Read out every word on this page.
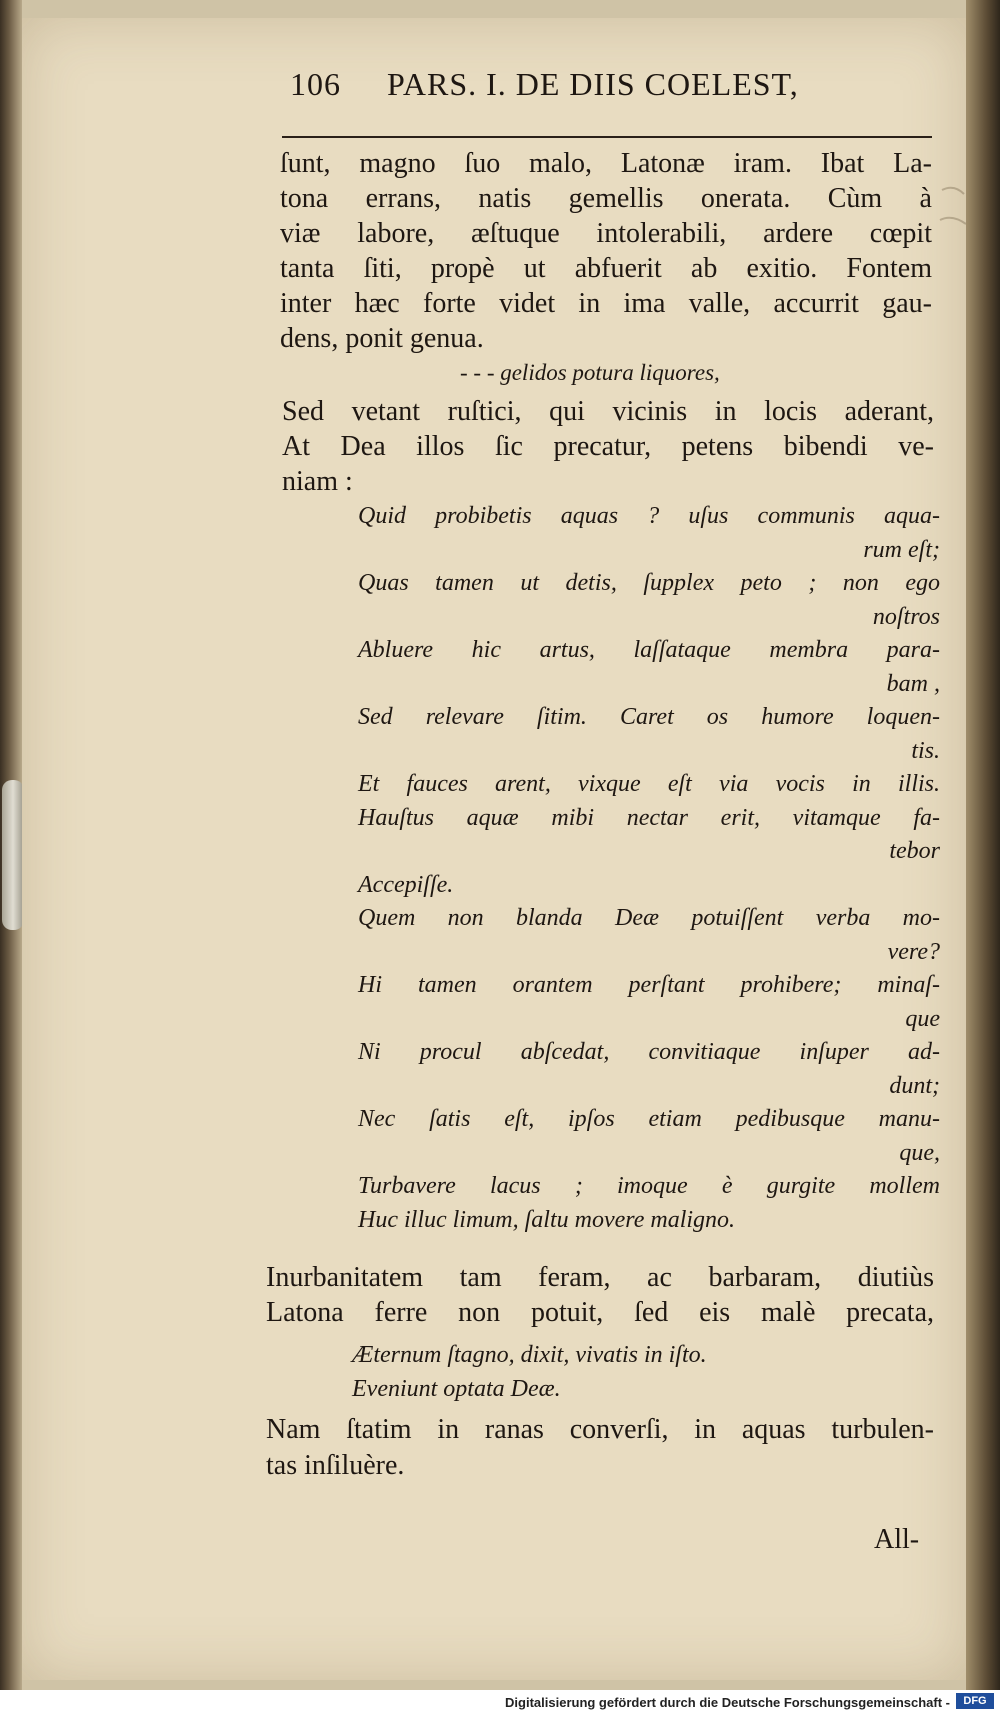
106 PARS. I. DE DIIS COELEST,
ſunt, magno ſuo malo, Latonæ iram. Ibat La-
tona errans, natis gemellis onerata. Cùm à
viæ labore, æſtuque intolerabili, ardere cœpit
tanta ſiti, propè ut abfuerit ab exitio. Fontem
inter hæc forte videt in ima valle, accurrit gau-
dens, ponit genua.
- - - gelidos potura liquores,
Sed vetant ruſtici, qui vicinis in locis aderant,
At Dea illos ſic precatur, petens bibendi ve-
niam :
Quid probibetis aquas ? uſus communis aqua-
rum eſt;
Quas tamen ut detis, ſupplex peto ; non ego
noſtros
Abluere hic artus, laſſataque membra para-
bam ,
Sed relevare ſitim. Caret os humore loquen-
tis.
Et fauces arent, vixque eſt via vocis in illis.
Hauſtus aquæ mibi nectar erit, vitamque fa-
tebor
Accepiſſe.
Quem non blanda Deæ potuiſſent verba mo-
vere?
Hi tamen orantem perſtant prohibere; minaſ-
que
Ni procul abſcedat, convitiaque inſuper ad-
dunt;
Nec ſatis eſt, ipſos etiam pedibusque manu-
que,
Turbavere lacus ; imoque è gurgite mollem
Huc illuc limum, ſaltu movere maligno.
Inurbanitatem tam feram, ac barbaram, diutiùs
Latona ferre non potuit, ſed eis malè precata,
Æternum ſtagno, dixit, vivatis in iſto.
Eveniunt optata Deæ.
Nam ſtatim in ranas converſi, in aquas turbulen-
tas inſiluère.
All-
Digitalisierung gefördert durch die Deutsche Forschungsgemeinschaft -	DFG
